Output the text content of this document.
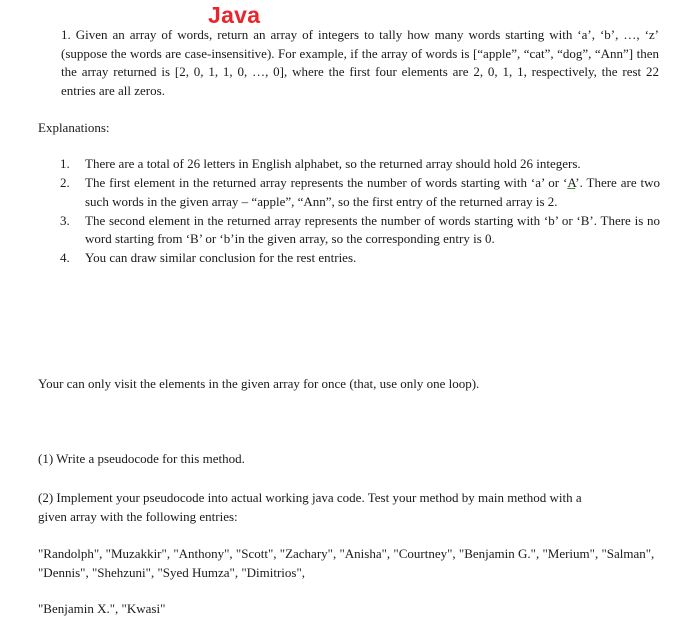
Java
1. Given an array of words, return an array of integers to tally how many words starting with ‘a’, ‘b’, …, ‘z’ (suppose the words are case-insensitive). For example, if the array of words is [“apple”, “cat”, “dog”, “Ann”] then the array returned is [2, 0, 1, 1, 0, …, 0], where the first four elements are 2, 0, 1, 1, respectively, the rest 22 entries are all zeros.
Explanations:
1.	There are a total of 26 letters in English alphabet, so the returned array should hold 26 integers.
2.	The first element in the returned array represents the number of words starting with ‘a’ or ‘A’. There are two such words in the given array – “apple”, “Ann”, so the first entry of the returned array is 2.
3.	The second element in the returned array represents the number of words starting with ‘b’ or ‘B’. There is no word starting from ‘B’ or ‘b’in the given array, so the corresponding entry is 0.
4.	You can draw similar conclusion for the rest entries.
Your can only visit the elements in the given array for once (that, use only one loop).
(1) Write a pseudocode for this method.
(2) Implement your pseudocode into actual working java code. Test your method by main method with a given array with the following entries:
"Randolph", "Muzakkir", "Anthony", "Scott", "Zachary", "Anisha", "Courtney", "Benjamin G.", "Merium", "Salman", "Dennis", "Shehzuni", "Syed Humza", "Dimitrios",
"Benjamin X.", "Kwasi"
